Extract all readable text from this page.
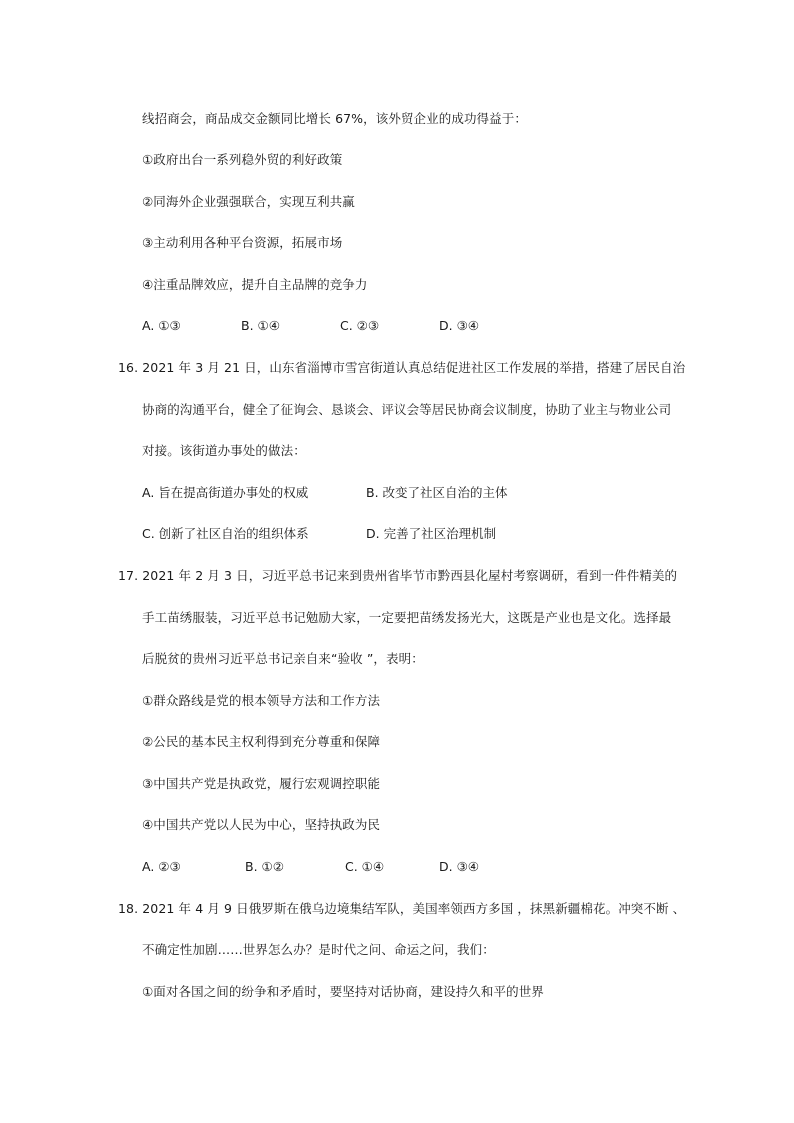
线招商会，商品成交金额同比增长 67%，该外贸企业的成功得益于：
①政府出台一系列稳外贸的利好政策
②同海外企业强强联合，实现互利共赢
③主动利用各种平台资源，拓展市场
④注重品牌效应，提升自主品牌的竞争力
A. ①③	B. ①④	C. ②③	D. ③④
16. 2021 年 3 月 21 日，山东省淄博市雪宫街道认真总结促进社区工作发展的举措，搭建了居民自治
协商的沟通平台，健全了征询会、恳谈会、评议会等居民协商会议制度，协助了业主与物业公司
对接。该街道办事处的做法：
A. 旨在提高街道办事处的权威	B. 改变了社区自治的主体
C. 创新了社区自治的组织体系	D. 完善了社区治理机制
17. 2021 年 2 月 3 日，习近平总书记来到贵州省毕节市黔西县化屋村考察调研，看到一件件精美的
手工苗绣服装，习近平总书记勉励大家，一定要把苗绣发扬光大，这既是产业也是文化。选择最
后脱贫的贵州习近平总书记亲自来“验收 ”，表明：
①群众路线是党的根本领导方法和工作方法
②公民的基本民主权利得到充分尊重和保障
③中国共产党是执政党，履行宏观调控职能
④中国共产党以人民为中心，坚持执政为民
A. ②③	B. ①②	C. ①④	D. ③④
18. 2021 年 4 月 9 日俄罗斯在俄乌边境集结军队，美国率领西方多国 ，抹黑新疆棉花。冲突不断 、
不确定性加剧……世界怎么办？是时代之问、命运之问，我们：
①面对各国之间的纷争和矛盾时，要坚持对话协商，建设持久和平的世界
